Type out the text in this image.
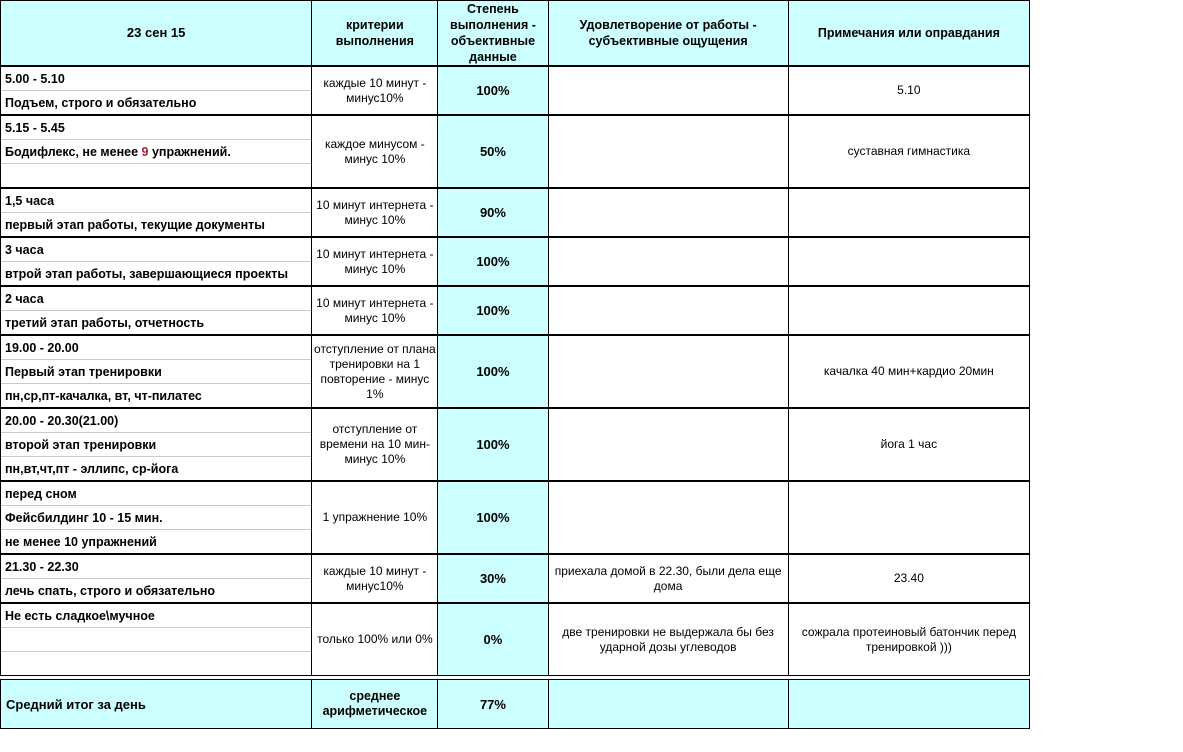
23 сен 15	критерии выполнения	Степень выполнения - объективные данные	Удовлетворение от работы - субъективные ощущения	Примечания или оправдания

5.00 - 5.10
Подъем, строго и обязательно	каждые 10 минут - минус10%	100%		5.10

5.15 - 5.45
Бодифлекс, не менее 9 упражнений.	каждое минусом - минус 10%	50%		суставная гимнастика

1,5 часа
первый этап работы, текущие документы	10 минут интернета - минус 10%	90%		

3 часа
втрой этап работы, завершающиеся проекты	10 минут интернета - минус 10%	100%		

2 часа
третий этап работы, отчетность	10 минут интернета - минус 10%	100%		

19.00 - 20.00
Первый этап тренировки
пн,ср,пт-качалка, вт, чт-пилатес	отступление от плана тренировки на 1 повторение - минус 1%	100%		качалка 40 мин+кардио 20мин

20.00 - 20.30(21.00)
второй этап тренировки
пн,вт,чт,пт - эллипс, ср-йога	отступление от времени на 10 мин- минус 10%	100%		йога 1 час

перед сном
Фейсбилдинг 10 - 15 мин.
не менее 10 упражнений	1 упражнение 10%	100%		

21.30 - 22.30
лечь спать, строго и обязательно	каждые 10 минут - минус10%	30%	приехала домой в 22.30, были дела еще дома	23.40

Не есть сладкое\мучное	только 100% или 0%	0%	две тренировки не выдержала бы без ударной дозы углеводов	сожрала протеиновый батончик перед тренировкой )))

Средний итог за день	среднее арифметическое	77%		
